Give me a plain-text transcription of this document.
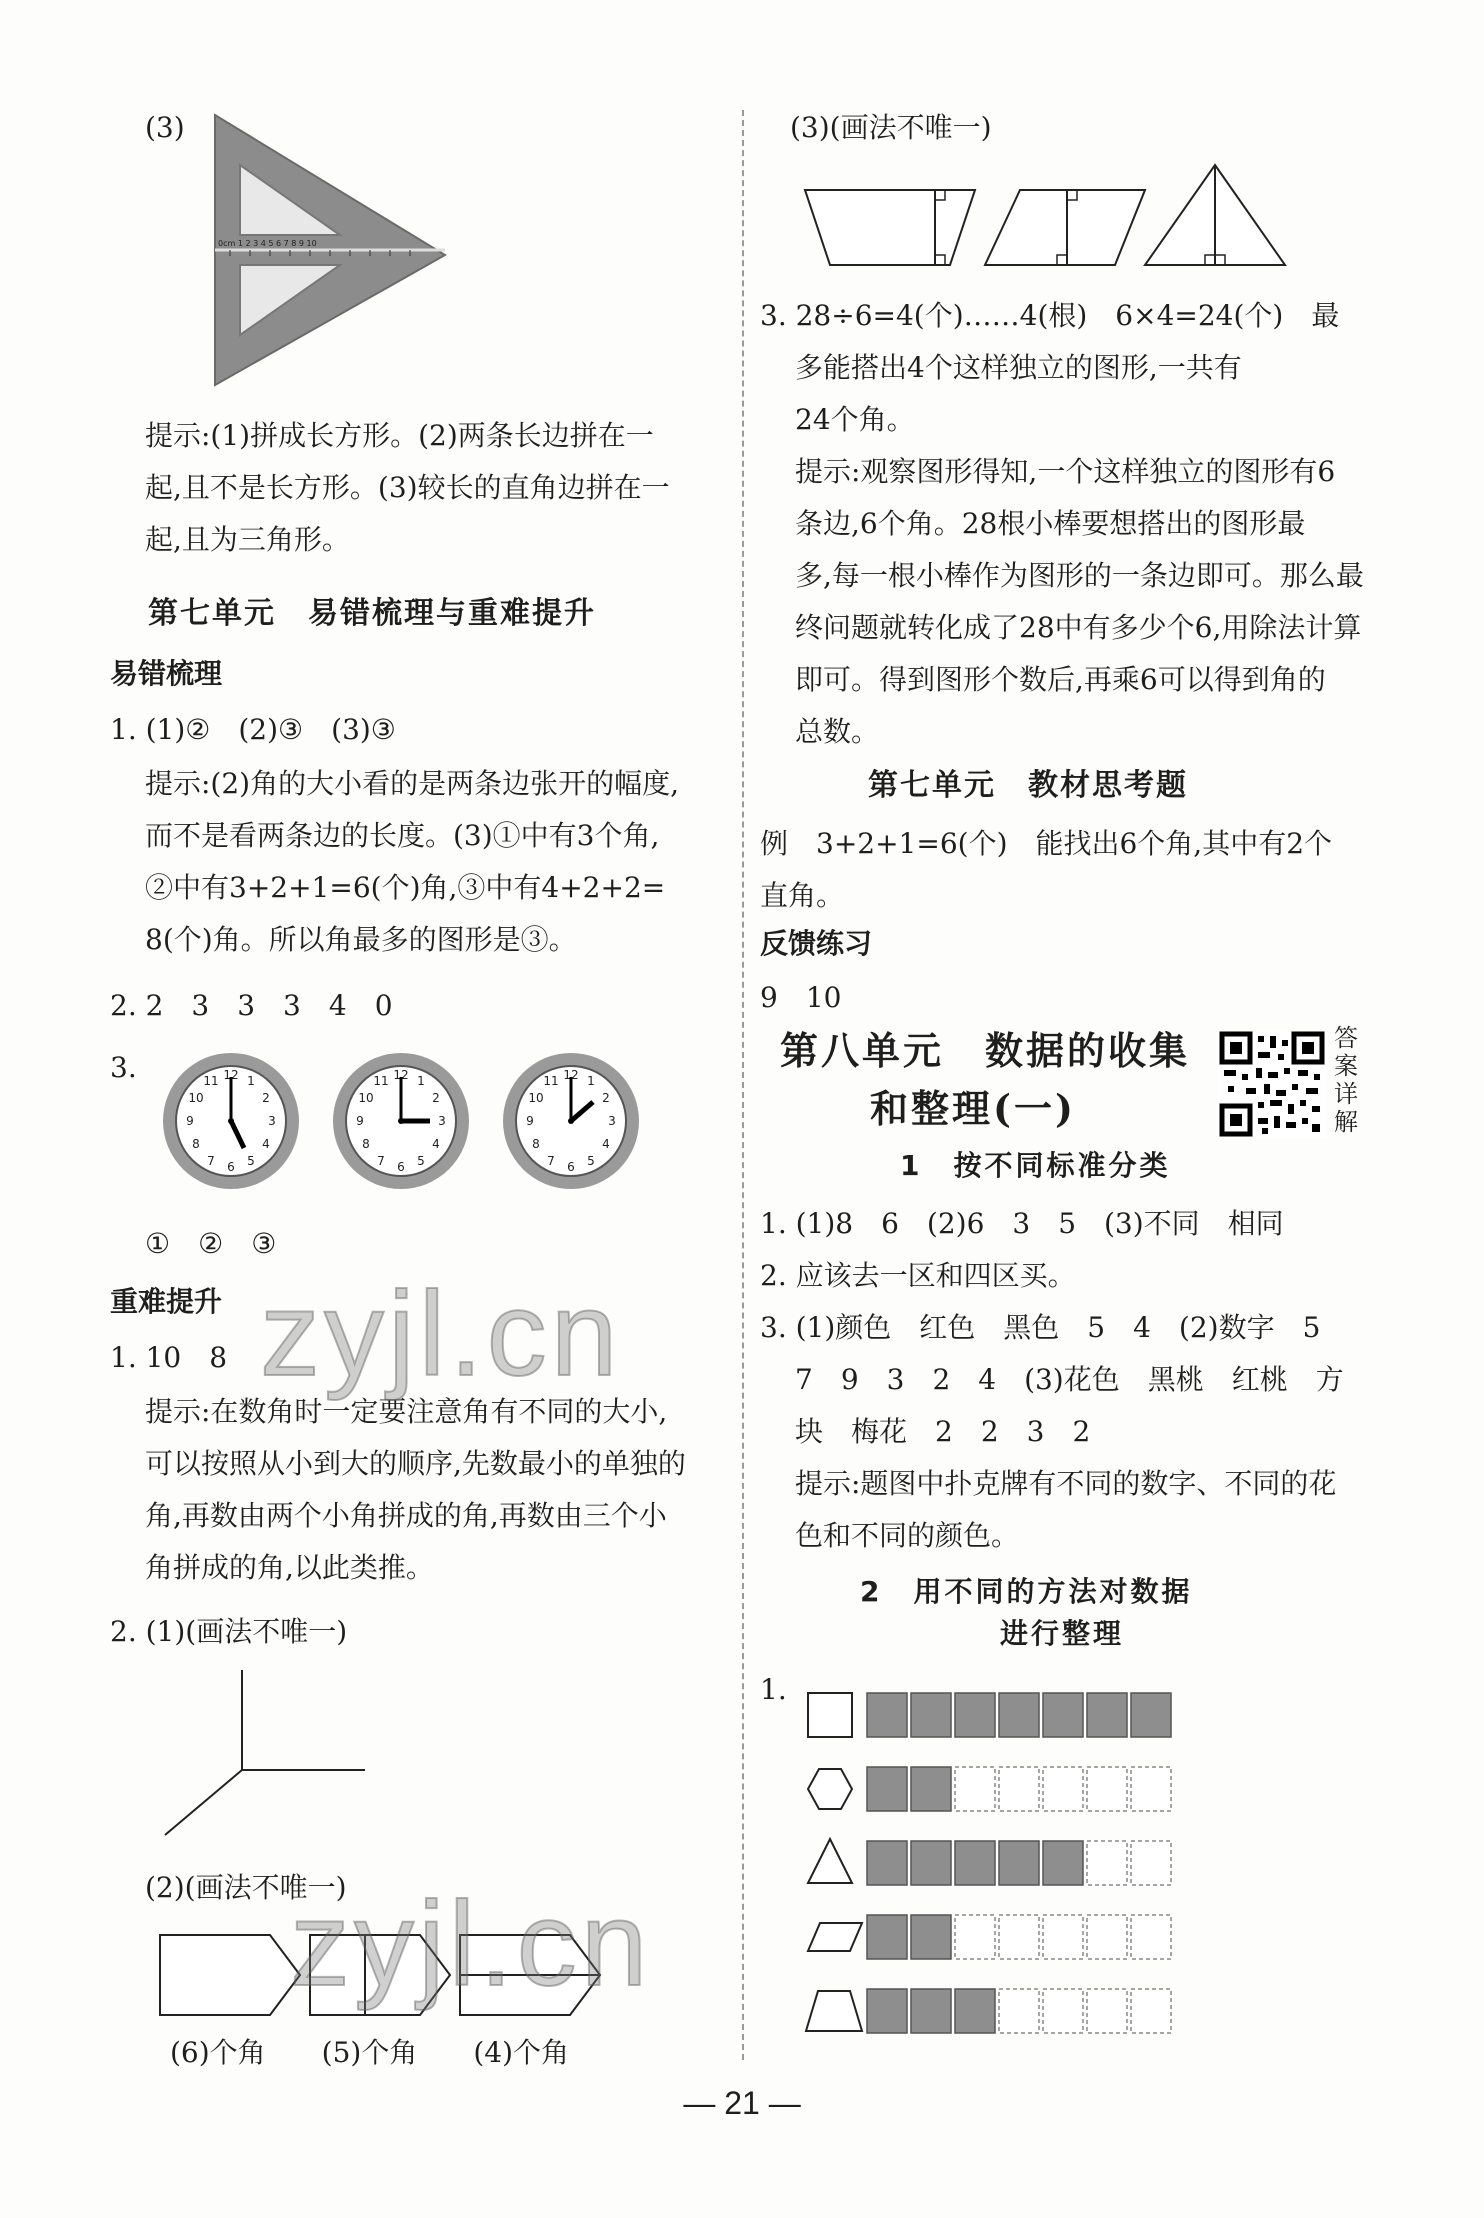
(3)
0cm 1 2 3 4 5 6 7 8 9 10
提示:(1)拼成长方形。(2)两条长边拼在一
起,且不是长方形。(3)较长的直角边拼在一
起,且为三角形。
第七单元　易错梳理与重难提升
易错梳理
1. (1)②　(2)③　(3)③
提示:(2)角的大小看的是两条边张开的幅度,
而不是看两条边的长度。(3)①中有3个角,
②中有3+2+1=6(个)角,③中有4+2+2=
8(个)角。所以角最多的图形是③。
2. 2　3　3　3　4　0
3.	12 1
2
3
4
5
6
7
8
9
10
11	12 1
2
3
4
5
6
7
8
9
10
11	12 1
2
3
4
5
6
7
8
9
10
11
①　②　③
重难提升
1. 10　8
提示:在数角时一定要注意角有不同的大小,
可以按照从小到大的顺序,先数最小的单独的
角,再数由两个小角拼成的角,再数由三个小
角拼成的角,以此类推。
2. (1)(画法不唯一)
(2)(画法不唯一)
(6)个角　　(5)个角　　(4)个角
(3)(画法不唯一)
3. 28÷6=4(个)……4(根)　6×4=24(个)　最
多能搭出4个这样独立的图形,一共有
24个角。
提示:观察图形得知,一个这样独立的图形有6
条边,6个角。28根小棒要想搭出的图形最
多,每一根小棒作为图形的一条边即可。那么最
终问题就转化成了28中有多少个6,用除法计算
即可。得到图形个数后,再乘6可以得到角的
总数。
第七单元　教材思考题
例　3+2+1=6(个)　能找出6个角,其中有2个
直角。
反馈练习
9　10
第八单元　数据的收集
和整理(一)
答案详解
1　按不同标准分类
1. (1)8　6　(2)6　3　5　(3)不同　相同
2. 应该去一区和四区买。
3. (1)颜色　红色　黑色　5　4　(2)数字　5
7　9　3　2　4　(3)花色　黑桃　红桃　方
块　梅花　2　2　3　2
提示:题图中扑克牌有不同的数字、不同的花
色和不同的颜色。
2　用不同的方法对数据
进行整理
1.
zyjl.cn
zyjl.cn
— 21 —
